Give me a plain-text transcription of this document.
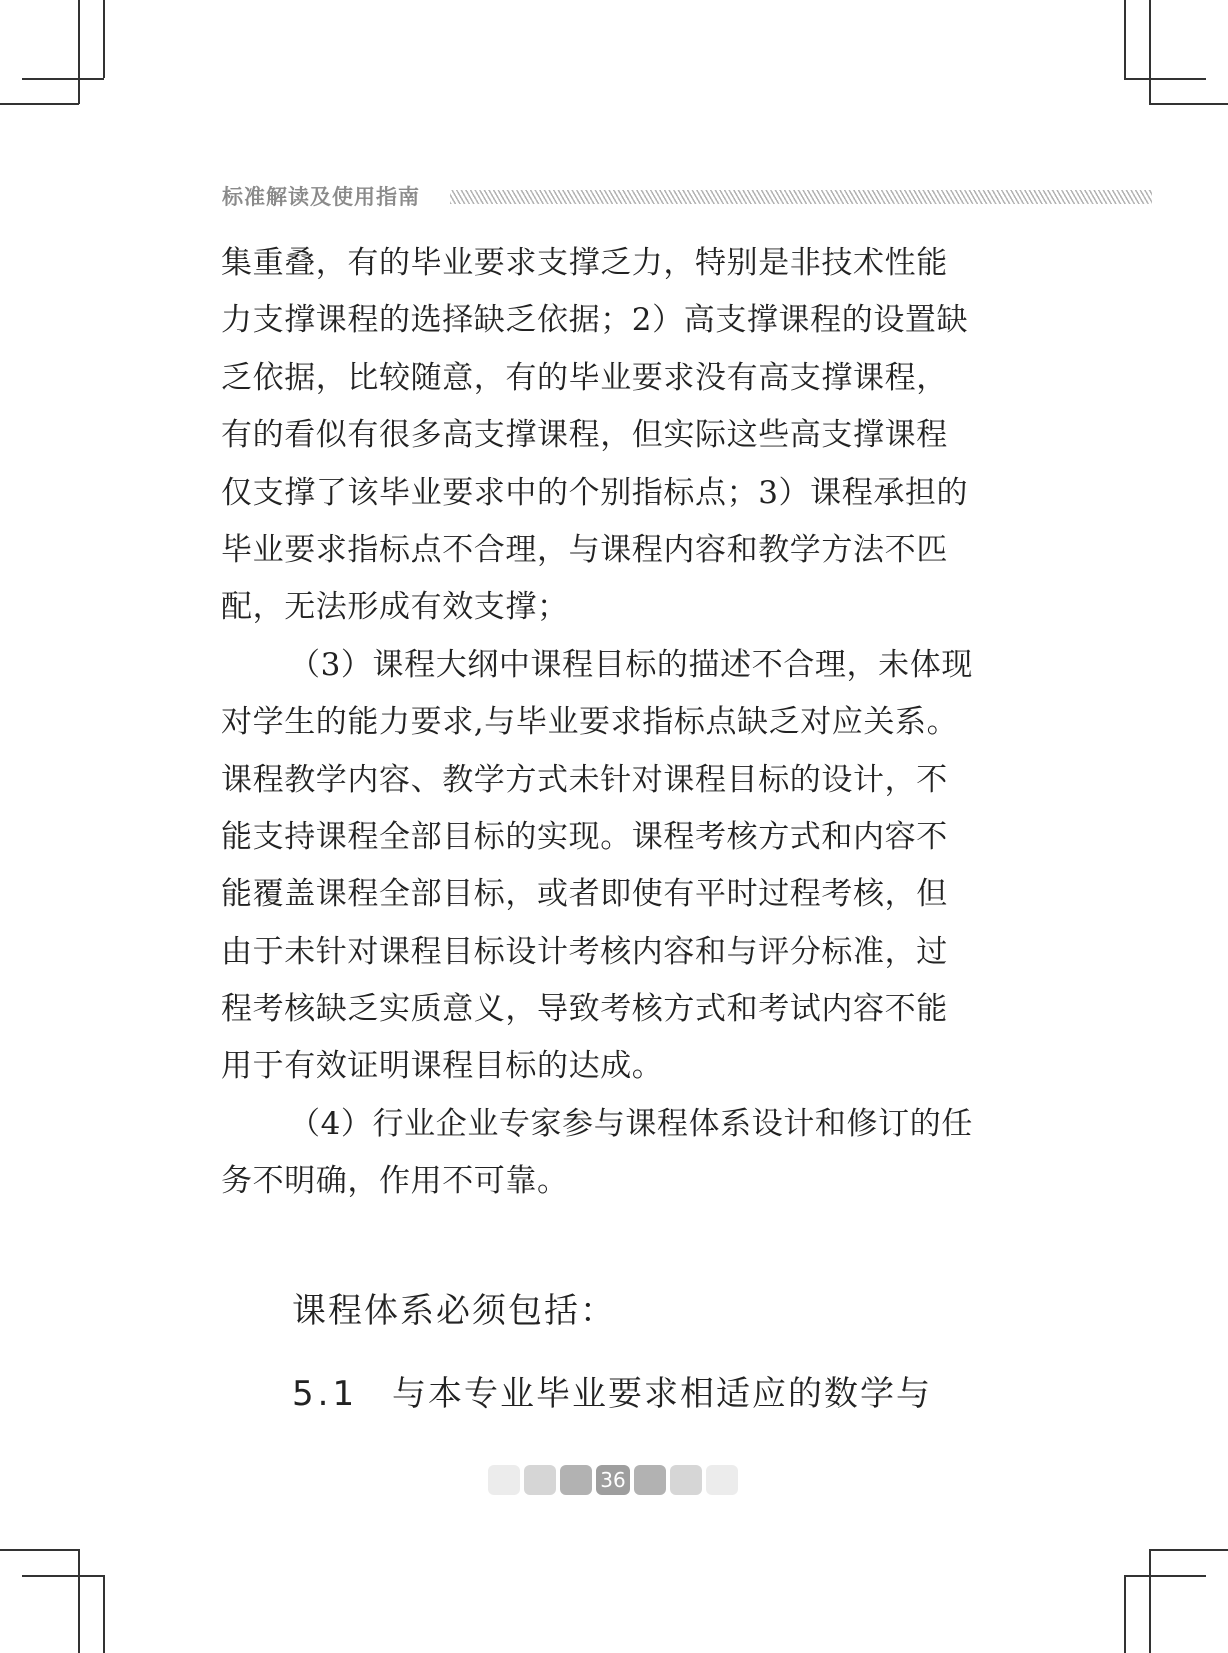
标准解读及使用指南
集重叠，有的毕业要求支撑乏力，特别是非技术性能
力支撑课程的选择缺乏依据；2）高支撑课程的设置缺
乏依据，比较随意，有的毕业要求没有高支撑课程，
有的看似有很多高支撑课程，但实际这些高支撑课程
仅支撑了该毕业要求中的个别指标点；3）课程承担的
毕业要求指标点不合理，与课程内容和教学方法不匹
配，无法形成有效支撑；
（3）课程大纲中课程目标的描述不合理，未体现
对学生的能力要求,与毕业要求指标点缺乏对应关系。
课程教学内容、教学方式未针对课程目标的设计，不
能支持课程全部目标的实现。课程考核方式和内容不
能覆盖课程全部目标，或者即使有平时过程考核，但
由于未针对课程目标设计考核内容和与评分标准，过
程考核缺乏实质意义，导致考核方式和考试内容不能
用于有效证明课程目标的达成。
（4）行业企业专家参与课程体系设计和修订的任
务不明确，作用不可靠。
课程体系必须包括：
5.1 与本专业毕业要求相适应的数学与
36
